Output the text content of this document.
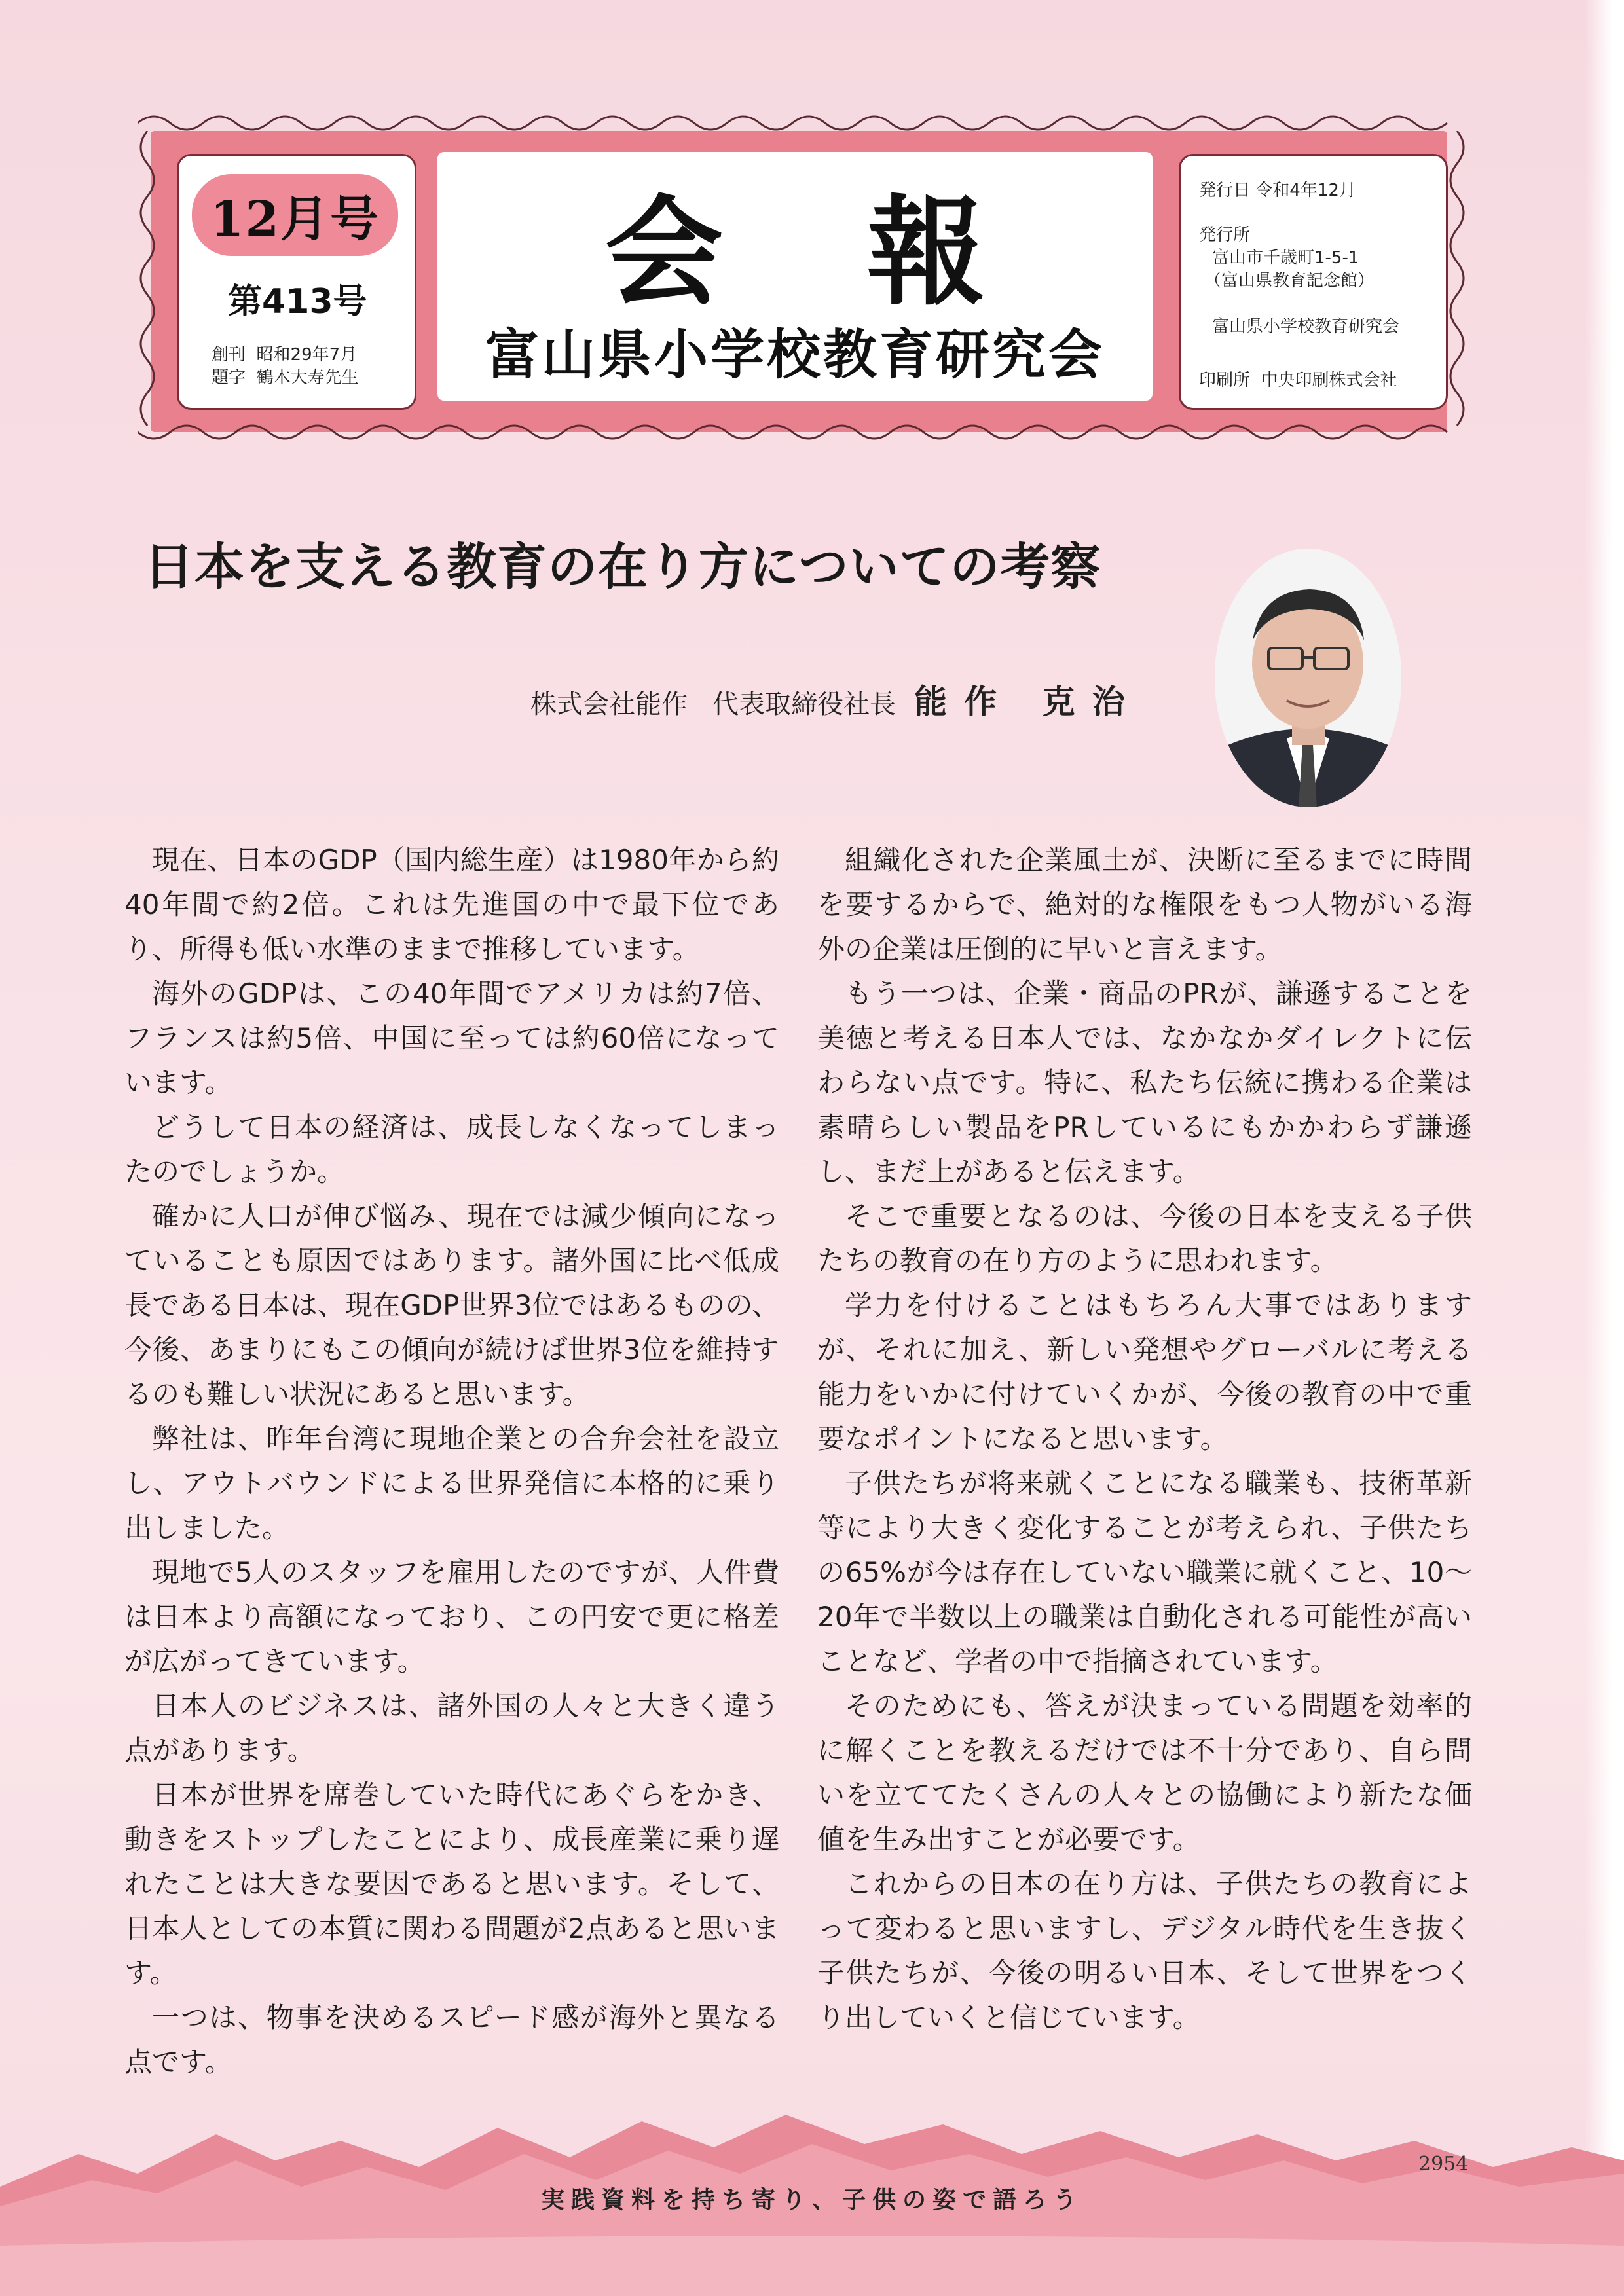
12月号
第413号
創刊 昭和29年7月
題字 鶴木大寿先生
会報
富山県小学校教育研究会
発行日 令和4年12月
発行所
富山市千歳町1-5-1
（富山県教育記念館）
富山県小学校教育研究会
印刷所 中央印刷株式会社
日本を支える教育の在り方についての考察
株式会社能作 代表取締役社長 能作 克治

現在、日本のGDP（国内総生産）は1980年から約40年間で約2倍。これは先進国の中で最下位であり、所得も低い水準のままで推移しています。

海外のGDPは、この40年間でアメリカは約7倍、フランスは約5倍、中国に至っては約60倍になっています。

どうして日本の経済は、成長しなくなってしまったのでしょうか。

確かに人口が伸び悩み、現在では減少傾向になっていることも原因ではあります。諸外国に比べ低成長である日本は、現在GDP世界3位ではあるものの、今後、あまりにもこの傾向が続けば世界3位を維持するのも難しい状況にあると思います。

弊社は、昨年台湾に現地企業との合弁会社を設立し、アウトバウンドによる世界発信に本格的に乗り出しました。

現地で5人のスタッフを雇用したのですが、人件費は日本より高額になっており、この円安で更に格差が広がってきています。

日本人のビジネスは、諸外国の人々と大きく違う点があります。

日本が世界を席巻していた時代にあぐらをかき、動きをストップしたことにより、成長産業に乗り遅れたことは大きな要因であると思います。そして、日本人としての本質に関わる問題が2点あると思います。

一つは、物事を決めるスピード感が海外と異なる点です。

組織化された企業風土が、決断に至るまでに時間を要するからで、絶対的な権限をもつ人物がいる海外の企業は圧倒的に早いと言えます。

もう一つは、企業・商品のPRが、謙遜することを美徳と考える日本人では、なかなかダイレクトに伝わらない点です。特に、私たち伝統に携わる企業は素晴らしい製品をPRしているにもかかわらず謙遜し、まだ上があると伝えます。

そこで重要となるのは、今後の日本を支える子供たちの教育の在り方のように思われます。

学力を付けることはもちろん大事ではありますが、それに加え、新しい発想やグローバルに考える能力をいかに付けていくかが、今後の教育の中で重要なポイントになると思います。

子供たちが将来就くことになる職業も、技術革新等により大きく変化することが考えられ、子供たちの65%が今は存在していない職業に就くこと、10～20年で半数以上の職業は自動化される可能性が高いことなど、学者の中で指摘されています。

そのためにも、答えが決まっている問題を効率的に解くことを教えるだけでは不十分であり、自ら問いを立ててたくさんの人々との協働により新たな価値を生み出すことが必要です。

これからの日本の在り方は、子供たちの教育によって変わると思いますし、デジタル時代を生き抜く子供たちが、今後の明るい日本、そして世界をつくり出していくと信じています。

2954
実践資料を持ち寄り、子供の姿で語ろう
